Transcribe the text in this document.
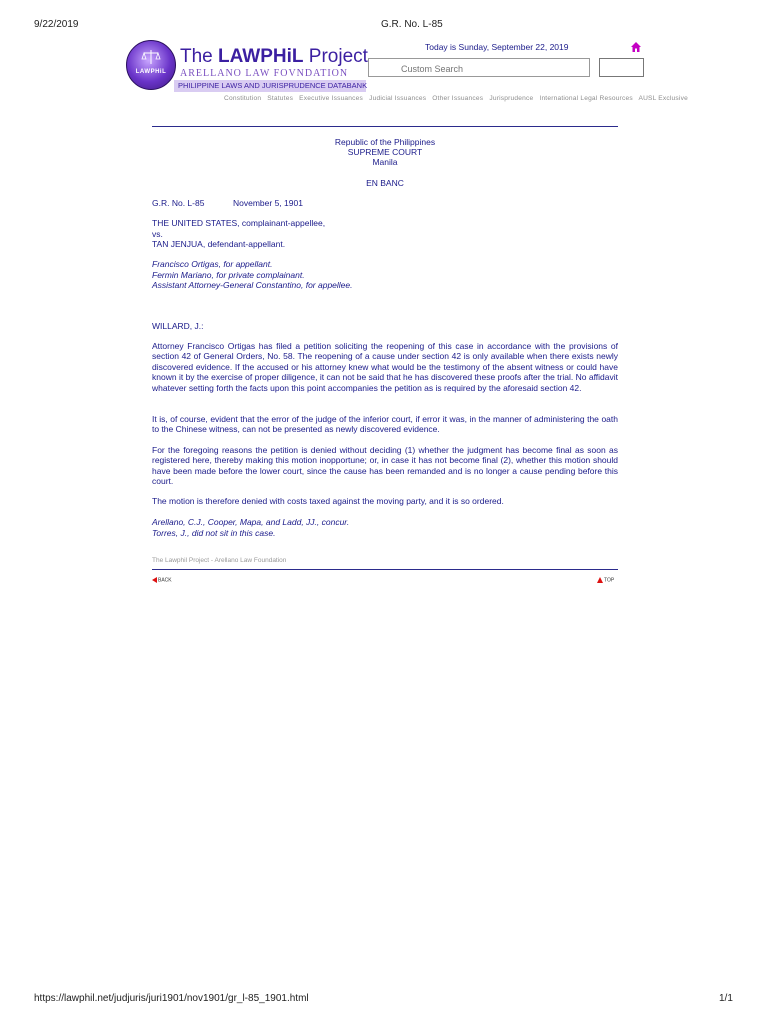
9/22/2019	G.R. No. L-85
LAWPHiL
The LAWPHiL Project
ARELLANO LAW FOVNDATION
PHILIPPINE LAWS AND JURISPRUDENCE DATABANK
Today is Sunday, September 22, 2019
Custom Search
Constitution Statutes Executive Issuances Judicial Issuances Other Issuances Jurisprudence International Legal Resources AUSL Exclusive
Republic of the Philippines
SUPREME COURT
Manila
EN BANC
G.R. No. L-85	November 5, 1901
THE UNITED STATES, complainant-appellee,
vs.
TAN JENJUA, defendant-appellant.
Francisco Ortigas, for appellant.
Fermin Mariano, for private complainant.
Assistant Attorney-General Constantino, for appellee.
WILLARD, J.:
Attorney Francisco Ortigas has filed a petition soliciting the reopening of this case in accordance with the provisions of section 42 of General Orders, No. 58. The reopening of a cause under section 42 is only available when there exists newly discovered evidence. If the accused or his attorney knew what would be the testimony of the absent witness or could have known it by the exercise of proper diligence, it can not be said that he has discovered these proofs after the trial. No affidavit whatever setting forth the facts upon this point accompanies the petition as is required by the aforesaid section 42.
It is, of course, evident that the error of the judge of the inferior court, if error it was, in the manner of administering the oath to the Chinese witness, can not be presented as newly discovered evidence.
For the foregoing reasons the petition is denied without deciding (1) whether the judgment has become final as soon as registered here, thereby making this motion inopportune; or, in case it has not become final (2), whether this motion should have been made before the lower court, since the cause has been remanded and is no longer a cause pending before this court.
The motion is therefore denied with costs taxed against the moving party, and it is so ordered.
Arellano, C.J., Cooper, Mapa, and Ladd, JJ., concur.
Torres, J., did not sit in this case.
The Lawphil Project - Arellano Law Foundation
BACK	TOP
https://lawphil.net/judjuris/juri1901/nov1901/gr_l-85_1901.html	1/1
